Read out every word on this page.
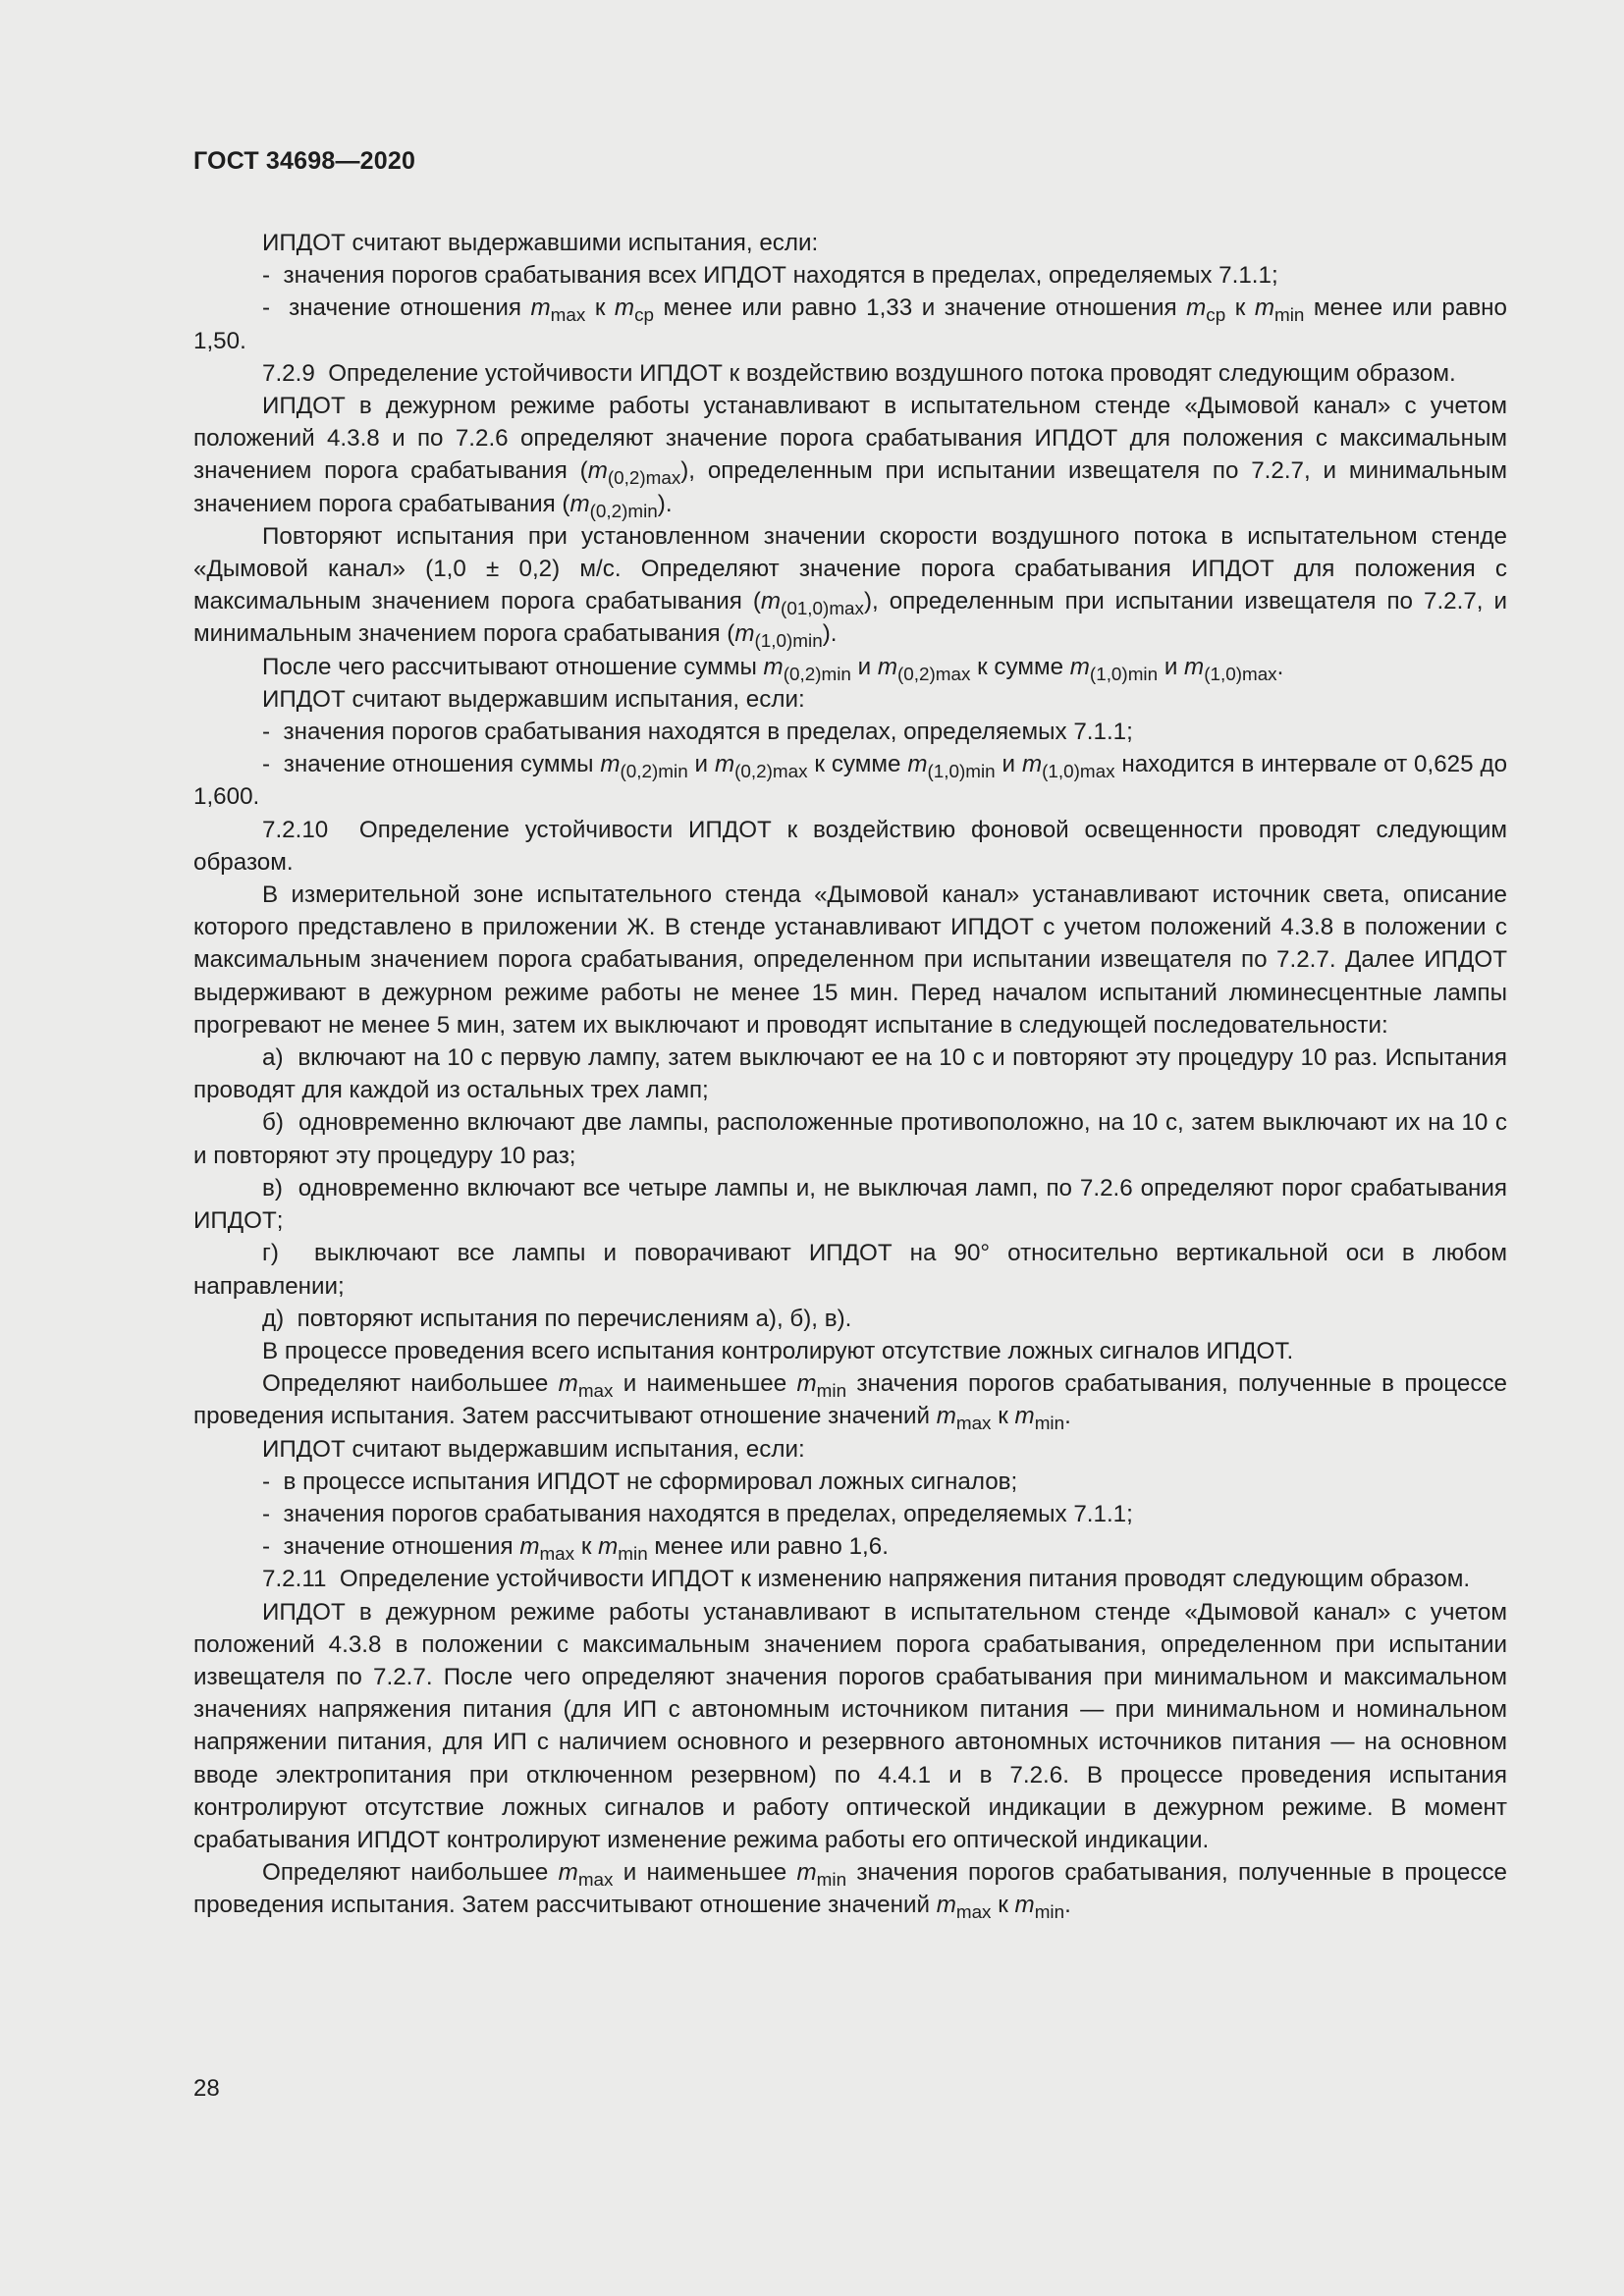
ГОСТ 34698—2020

ИПДОТ считают выдержавшими испытания, если:

-  значения порогов срабатывания всех ИПДОТ находятся в пределах, определяемых 7.1.1;

-  значение отношения $m_{max}$ к $m_{cp}$ менее или равно 1,33 и значение отношения $m_{cp}$ к $m_{min}$ менее или равно 1,50.

7.2.9  Определение устойчивости ИПДОТ к воздействию воздушного потока проводят следующим образом.

ИПДОТ в дежурном режиме работы устанавливают в испытательном стенде «Дымовой канал» с учетом положений 4.3.8 и по 7.2.6 определяют значение порога срабатывания ИПДОТ для положения с максимальным значением порога срабатывания $(m_{(0,2)max})$, определенным при испытании извещателя по 7.2.7, и минимальным значением порога срабатывания $(m_{(0,2)min})$.

Повторяют испытания при установленном значении скорости воздушного потока в испытательном стенде «Дымовой канал» (1,0 ± 0,2) м/с. Определяют значение порога срабатывания ИПДОТ для положения с максимальным значением порога срабатывания $(m_{(01,0)max})$, определенным при испытании извещателя по 7.2.7, и минимальным значением порога срабатывания $(m_{(1,0)min})$.

После чего рассчитывают отношение суммы $m_{(0,2)min}$ и $m_{(0,2)max}$ к сумме $m_{(1,0)min}$ и $m_{(1,0)max}$.

ИПДОТ считают выдержавшим испытания, если:

-  значения порогов срабатывания находятся в пределах, определяемых 7.1.1;

-  значение отношения суммы $m_{(0,2)min}$ и $m_{(0,2)max}$ к сумме $m_{(1,0)min}$ и $m_{(1,0)max}$ находится в интервале от 0,625 до 1,600.

7.2.10  Определение устойчивости ИПДОТ к воздействию фоновой освещенности проводят следующим образом.

В измерительной зоне испытательного стенда «Дымовой канал» устанавливают источник света, описание которого представлено в приложении Ж. В стенде устанавливают ИПДОТ с учетом положений 4.3.8 в положении с максимальным значением порога срабатывания, определенном при испытании извещателя по 7.2.7. Далее ИПДОТ выдерживают в дежурном режиме работы не менее 15 мин. Перед началом испытаний люминесцентные лампы прогревают не менее 5 мин, затем их выключают и проводят испытание в следующей последовательности:

а)  включают на 10 с первую лампу, затем выключают ее на 10 с и повторяют эту процедуру 10 раз. Испытания проводят для каждой из остальных трех ламп;

б)  одновременно включают две лампы, расположенные противоположно, на 10 с, затем выключают их на 10 с и повторяют эту процедуру 10 раз;

в)  одновременно включают все четыре лампы и, не выключая ламп, по 7.2.6 определяют порог срабатывания ИПДОТ;

г)  выключают все лампы и поворачивают ИПДОТ на 90° относительно вертикальной оси в любом направлении;

д)  повторяют испытания по перечислениям а), б), в).

В процессе проведения всего испытания контролируют отсутствие ложных сигналов ИПДОТ.

Определяют наибольшее $m_{max}$ и наименьшее $m_{min}$ значения порогов срабатывания, полученные в процессе проведения испытания. Затем рассчитывают отношение значений $m_{max}$ к $m_{min}$.

ИПДОТ считают выдержавшим испытания, если:

-  в процессе испытания ИПДОТ не сформировал ложных сигналов;

-  значения порогов срабатывания находятся в пределах, определяемых 7.1.1;

-  значение отношения $m_{max}$ к $m_{min}$ менее или равно 1,6.

7.2.11  Определение устойчивости ИПДОТ к изменению напряжения питания проводят следующим образом.

ИПДОТ в дежурном режиме работы устанавливают в испытательном стенде «Дымовой канал» с учетом положений 4.3.8 в положении с максимальным значением порога срабатывания, определенном при испытании извещателя по 7.2.7. После чего определяют значения порогов срабатывания при минимальном и максимальном значениях напряжения питания (для ИП с автономным источником питания — при минимальном и номинальном напряжении питания, для ИП с наличием основного и резервного автономных источников питания — на основном вводе электропитания при отключенном резервном) по 4.4.1 и в 7.2.6. В процессе проведения испытания контролируют отсутствие ложных сигналов и работу оптической индикации в дежурном режиме. В момент срабатывания ИПДОТ контролируют изменение режима работы его оптической индикации.

Определяют наибольшее $m_{max}$ и наименьшее $m_{min}$ значения порогов срабатывания, полученные в процессе проведения испытания. Затем рассчитывают отношение значений $m_{max}$ к $m_{min}$.

28
